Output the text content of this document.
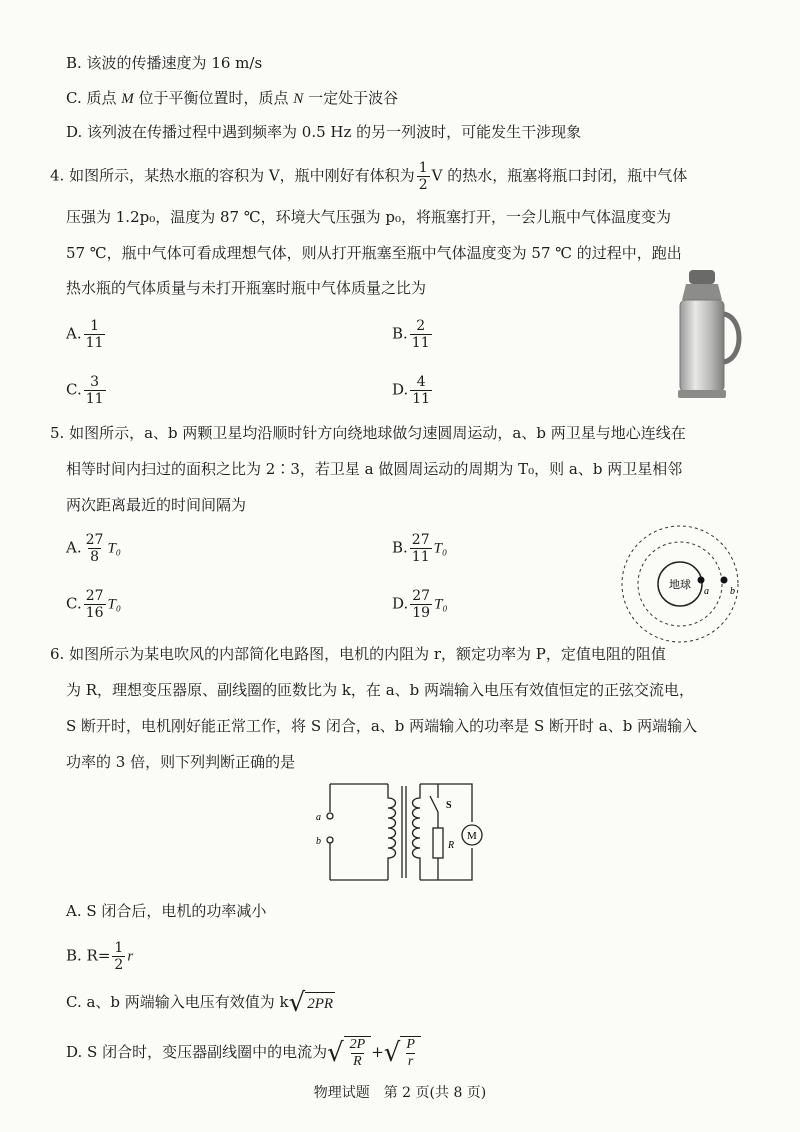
B. 该波的传播速度为 16 m/s
C. 质点 M 位于平衡位置时，质点 N 一定处于波谷
D. 该列波在传播过程中遇到频率为 0.5 Hz 的另一列波时，可能发生干涉现象
4. 如图所示，某热水瓶的容积为 V，瓶中刚好有体积为 $\frac{1}{2}$ V 的热水，瓶塞将瓶口封闭，瓶中气体
压强为 1.2p₀，温度为 87 ℃，环境大气压强为 p₀，将瓶塞打开，一会儿瓶中气体温度变为
57 ℃，瓶中气体可看成理想气体，则从打开瓶塞至瓶中气体温度变为 57 ℃ 的过程中，跑出
热水瓶的气体质量与未打开瓶塞时瓶中气体质量之比为
A. $\frac{1}{11}$	B. $\frac{2}{11}$
C. $\frac{3}{11}$	D. $\frac{4}{11}$
5. 如图所示，a、b 两颗卫星均沿顺时针方向绕地球做匀速圆周运动，a、b 两卫星与地心连线在
相等时间内扫过的面积之比为 2∶3，若卫星 a 做圆周运动的周期为 T₀，则 a、b 两卫星相邻
两次距离最近的时间间隔为
A. $\frac{27}{8} T_0$	B. $\frac{27}{11} T_0$
C. $\frac{27}{16} T_0$	D. $\frac{27}{19} T_0$
地球
a b
6. 如图所示为某电吹风的内部简化电路图，电机的内阻为 r，额定功率为 P，定值电阻的阻值
为 R，理想变压器原、副线圈的匝数比为 k，在 a、b 两端输入电压有效值恒定的正弦交流电，
S 断开时，电机刚好能正常工作，将 S 闭合，a、b 两端输入的功率是 S 断开时 a、b 两端输入
功率的 3 倍，则下列判断正确的是
a
b
S
R
M
A. S 闭合后，电机的功率减小
B. $R= \frac{1}{2}$ r
C. a、b 两端输入电压有效值为 k √ 2PR
D. S 闭合时，变压器副线圈中的电流为 √ $\frac{2P}{R}$ + √ $\frac{P}{r}$
物理试题　第 2 页(共 8 页)
